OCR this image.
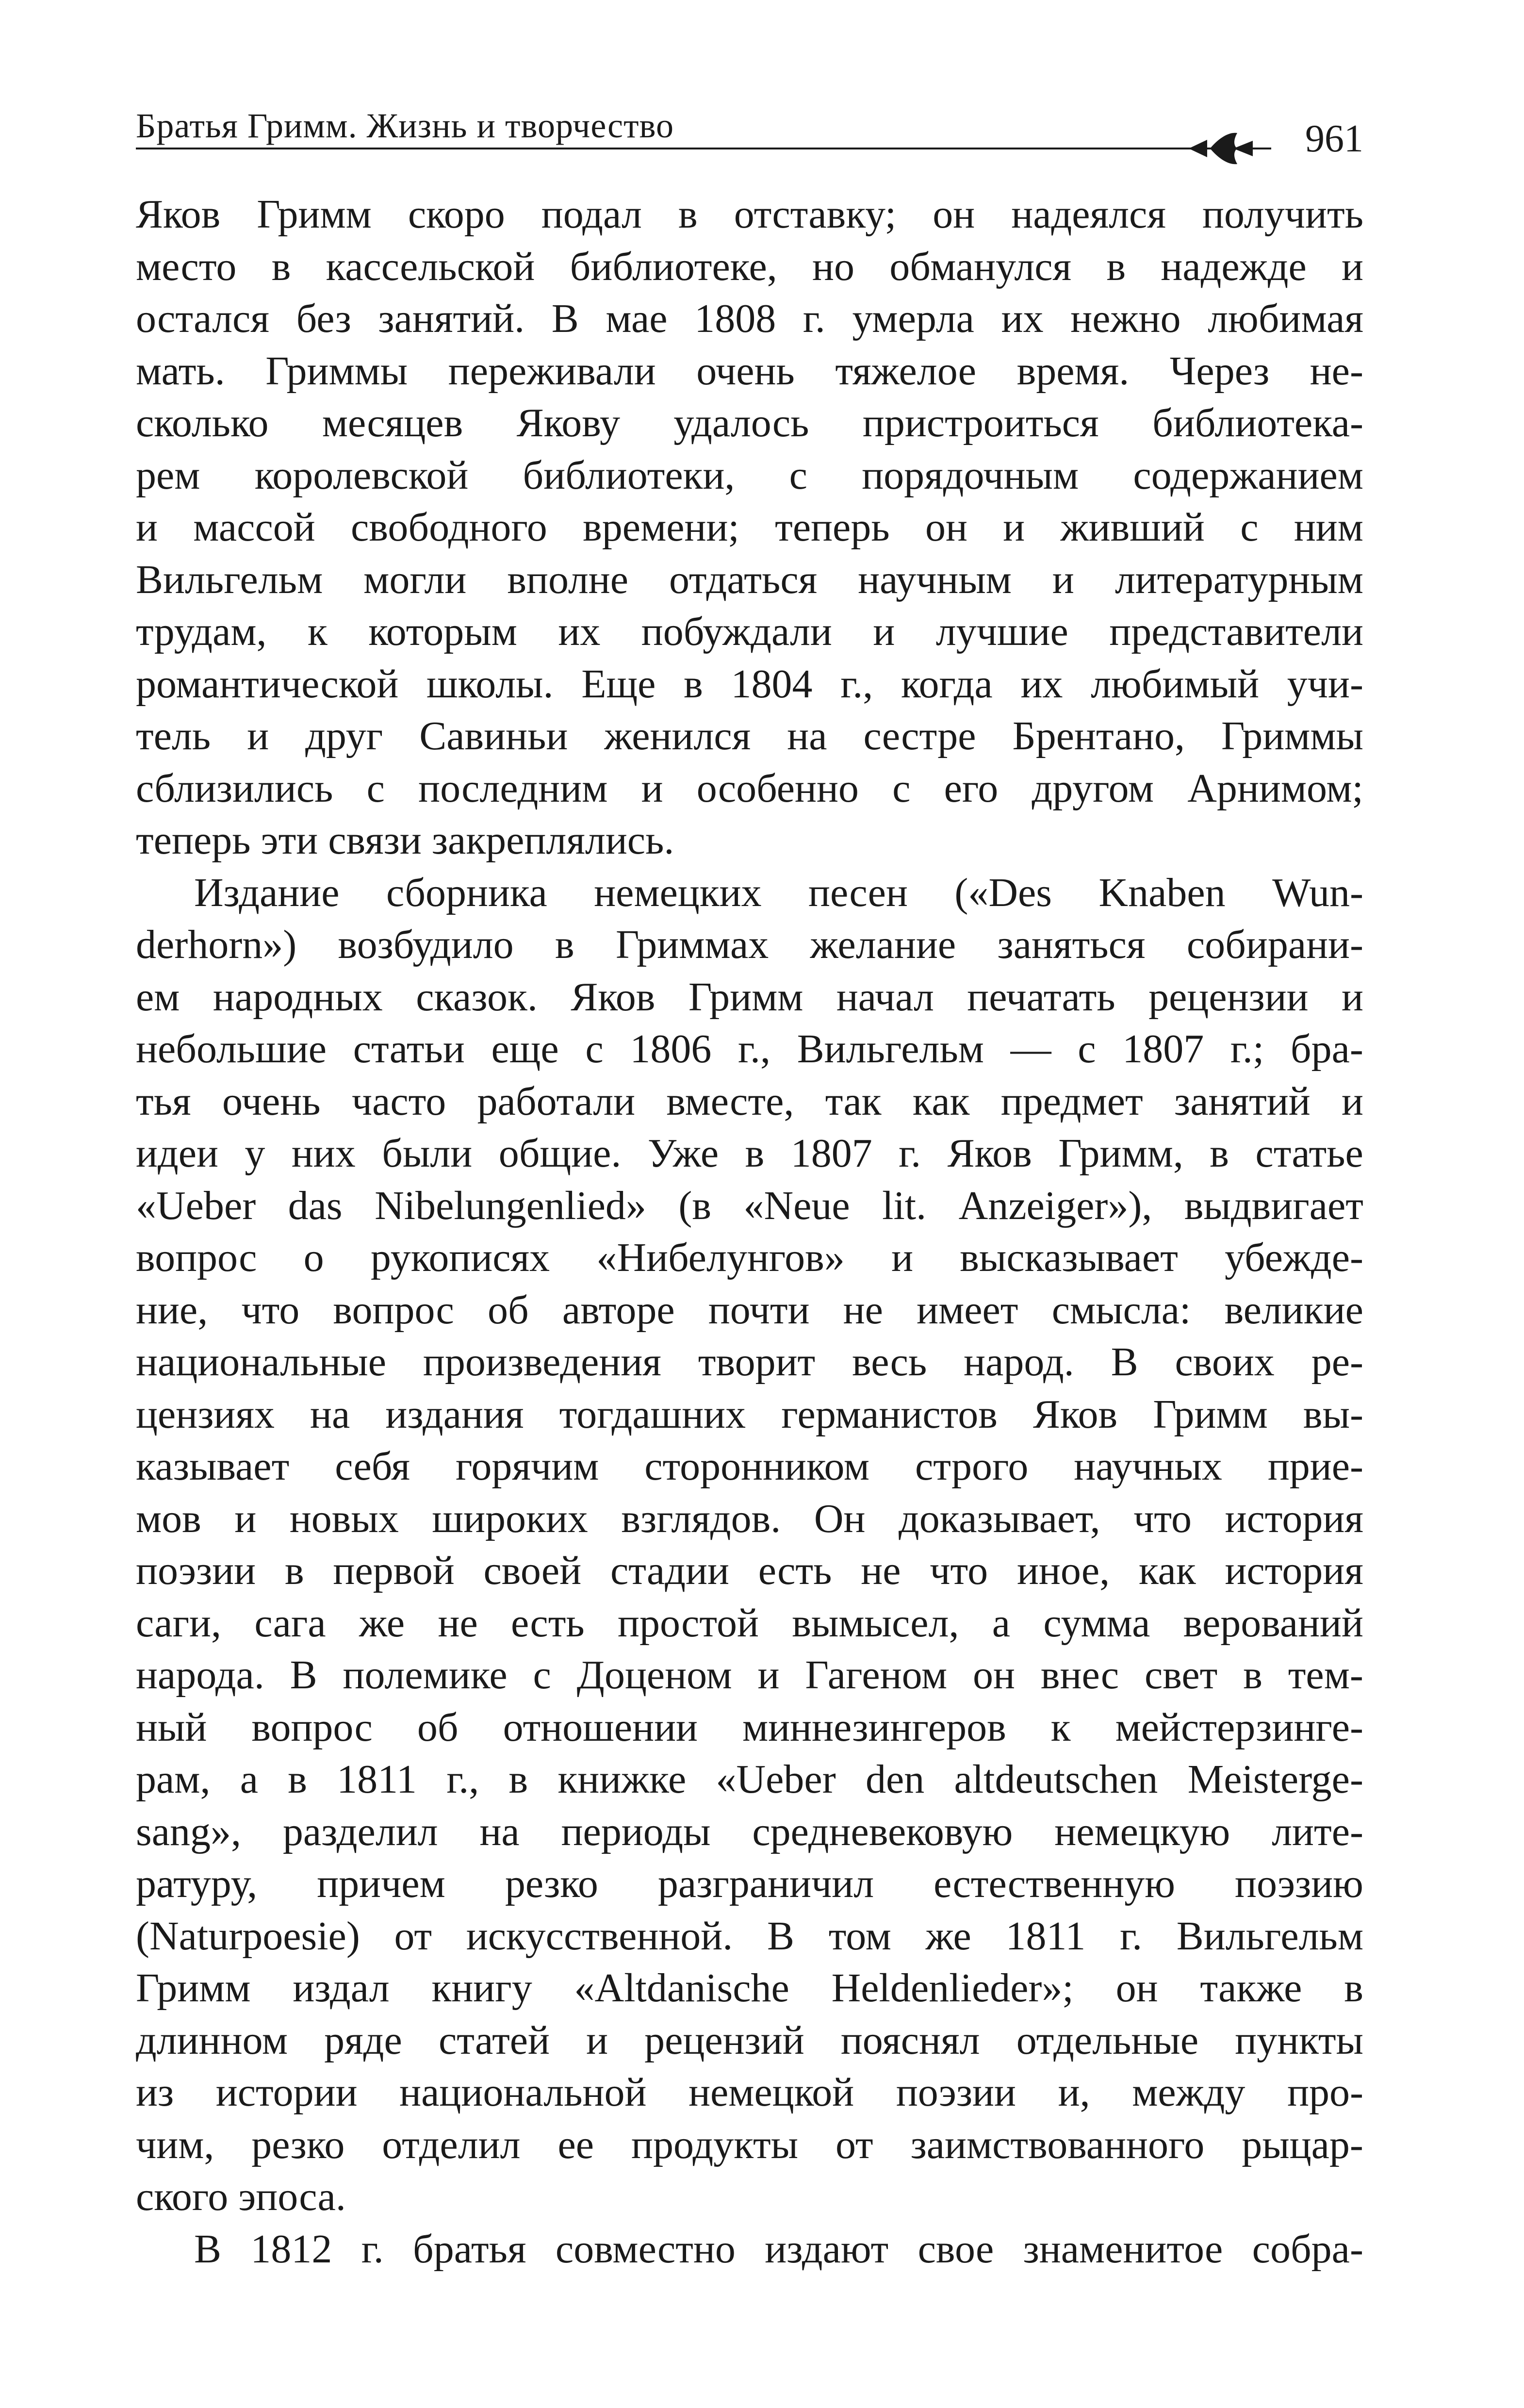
Братья Гримм. Жизнь и творчество	961
Яков Гримм скоро подал в отставку; он надеялся получить
место в кассельской библиотеке, но обманулся в надежде и
остался без занятий. В мае 1808 г. умерла их нежно любимая
мать. Гриммы переживали очень тяжелое время. Через не-
сколько месяцев Якову удалось пристроиться библиотека-
рем королевской библиотеки, с порядочным содержанием
и массой свободного времени; теперь он и живший с ним
Вильгельм могли вполне отдаться научным и литературным
трудам, к которым их побуждали и лучшие представители
романтической школы. Еще в 1804 г., когда их любимый учи-
тель и друг Савиньи женился на сестре Брентано, Гриммы
сблизились с последним и особенно с его другом Арнимом;
теперь эти связи закреплялись.
Издание сборника немецких песен («Des Knaben Wun-
derhorn») возбудило в Гриммах желание заняться собирани-
ем народных сказок. Яков Гримм начал печатать рецензии и
небольшие статьи еще с 1806 г., Вильгельм — с 1807 г.; бра-
тья очень часто работали вместе, так как предмет занятий и
идеи у них были общие. Уже в 1807 г. Яков Гримм, в статье
«Ueber das Nibelungenlied» (в «Neue lit. Anzeiger»), выдвигает
вопрос о рукописях «Нибелунгов» и высказывает убежде-
ние, что вопрос об авторе почти не имеет смысла: великие
национальные произведения творит весь народ. В своих ре-
цензиях на издания тогдашних германистов Яков Гримм вы-
казывает себя горячим сторонником строго научных прие-
мов и новых широких взглядов. Он доказывает, что история
поэзии в первой своей стадии есть не что иное, как история
саги, сага же не есть простой вымысел, а сумма верований
народа. В полемике с Доценом и Гагеном он внес свет в тем-
ный вопрос об отношении миннезингеров к мейстерзинге-
рам, а в 1811 г., в книжке «Ueber den altdeutschen Meisterge-
sang», разделил на периоды средневековую немецкую лите-
ратуру, причем резко разграничил естественную поэзию
(Naturpoesie) от искусственной. В том же 1811 г. Вильгельм
Гримм издал книгу «Altdanische Heldenlieder»; он также в
длинном ряде статей и рецензий пояснял отдельные пункты
из истории национальной немецкой поэзии и, между про-
чим, резко отделил ее продукты от заимствованного рыцар-
ского эпоса.
В 1812 г. братья совместно издают свое знаменитое собра-
